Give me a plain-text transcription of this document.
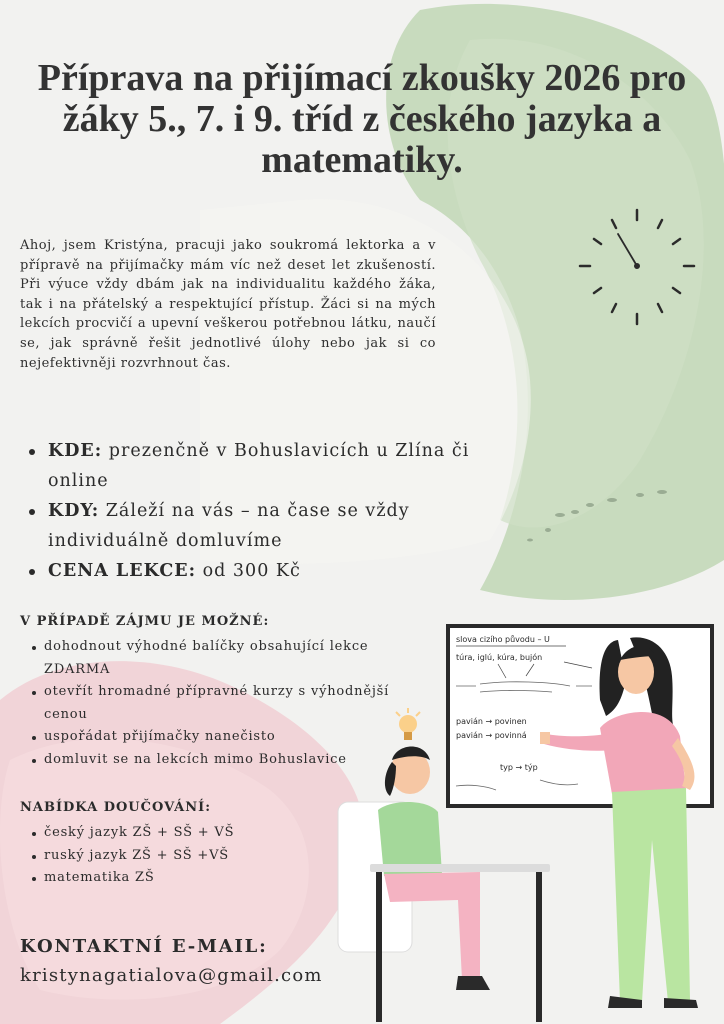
Příprava na přijímací zkoušky 2026 pro žáky 5., 7. i 9. tříd z českého jazyka a matematiky.

Ahoj, jsem Kristýna, pracuji jako soukromá lektorka a v přípravě na přijímačky mám víc než deset let zkušeností. Při výuce vždy dbám jak na individualitu každého žáka, tak i na přátelský a respektující přístup. Žáci si na mých lekcích procvičí a upevní veškerou potřebnou látku, naučí se, jak správně řešit jednotlivé úlohy nebo jak si co nejefektivněji rozvrhnout čas.

KDE: prezenčně v Bohuslavicích u Zlína či online
KDY: Záleží na vás – na čase se vždy individuálně domluvíme
CENA LEKCE: od 300 Kč
V PŘÍPADĚ ZÁJMU JE MOŽNÉ:
dohodnout výhodné balíčky obsahující lekce ZDARMA
otevřít hromadné přípravné kurzy s výhodnější cenou
uspořádat přijímačky nanečisto
domluvit se na lekcích mimo Bohuslavice
NABÍDKA DOUČOVÁNÍ:
český jazyk ZŠ + SŠ + VŠ
ruský jazyk ZŠ + SŠ +VŠ
matematika ZŠ
KONTAKTNÍ E-MAIL:

kristynagatialova@gmail.com

slova cizího původu – U
túra, iglú, kúra, bujón
pavián → povinen
pavián → povinná
typ → týp
